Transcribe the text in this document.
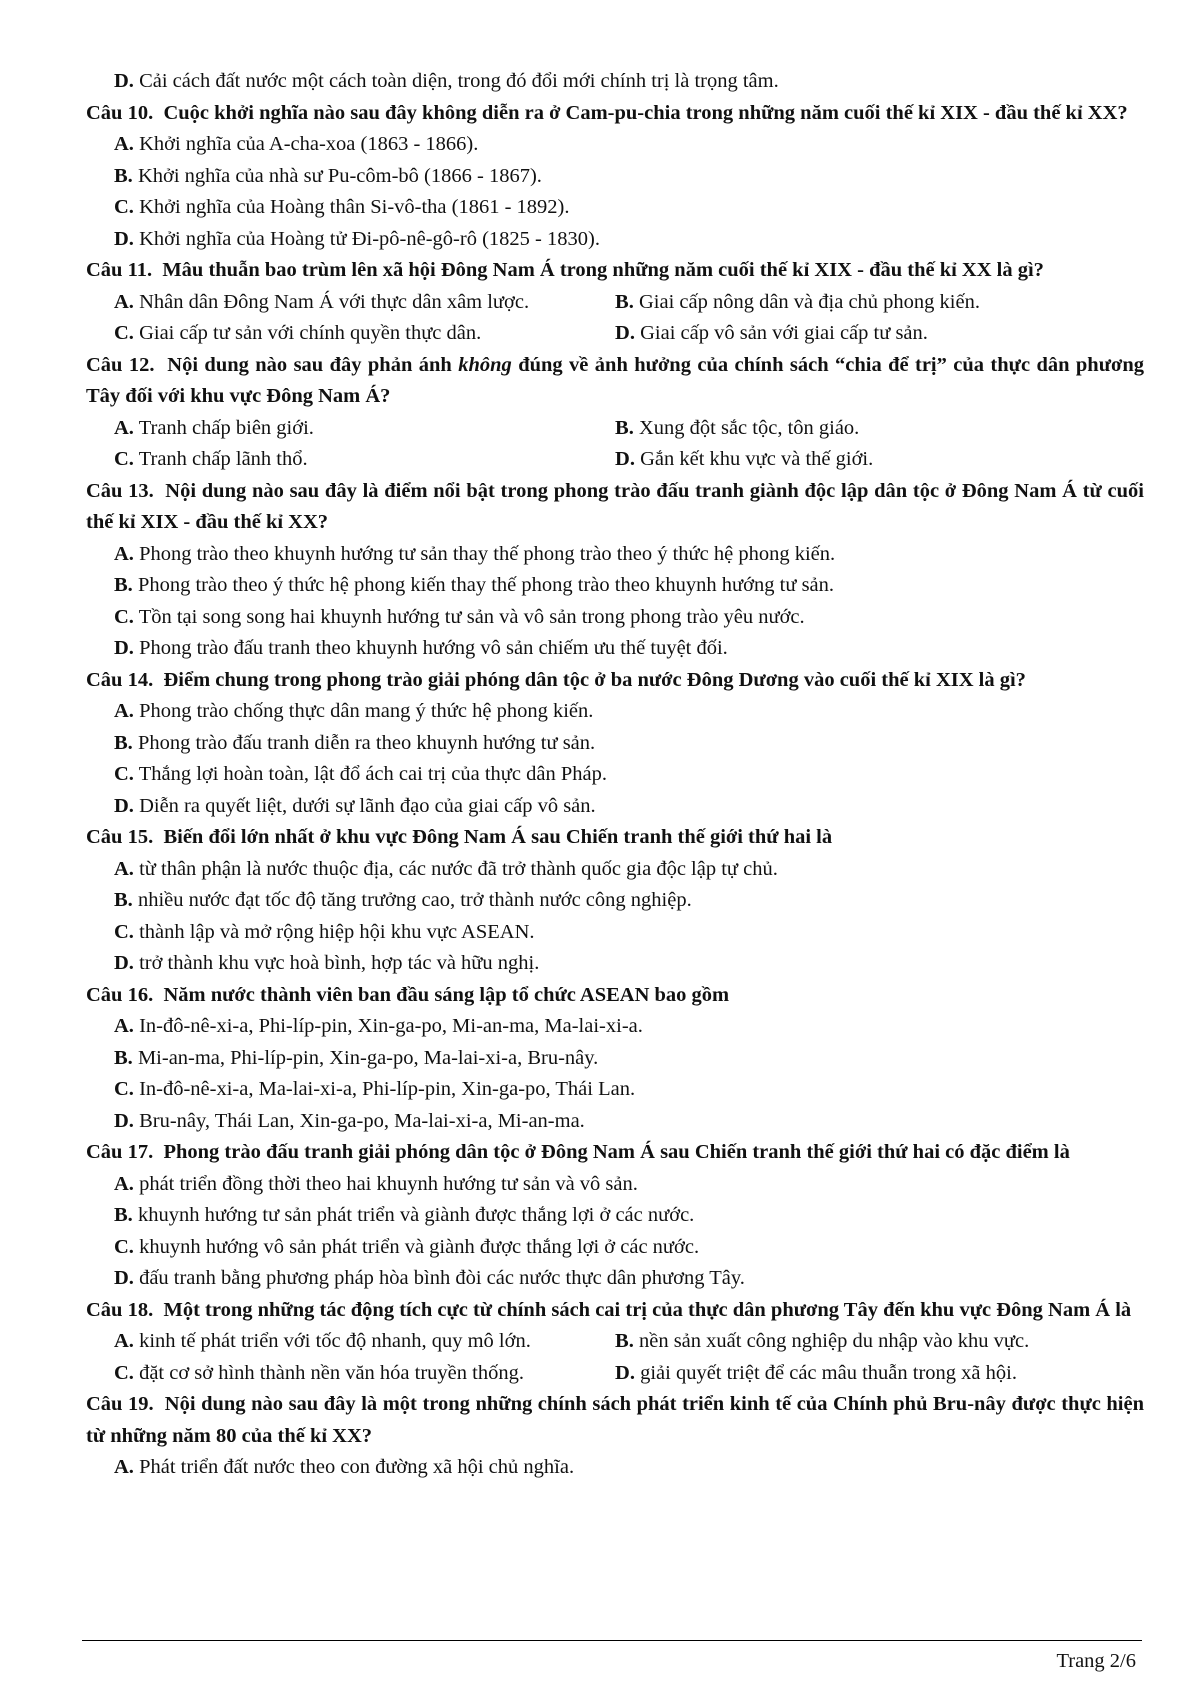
D. Cải cách đất nước một cách toàn diện, trong đó đổi mới chính trị là trọng tâm.
Câu 10. Cuộc khởi nghĩa nào sau đây không diễn ra ở Cam-pu-chia trong những năm cuối thế kỉ XIX - đầu thế kỉ XX?
A. Khởi nghĩa của A-cha-xoa (1863 - 1866).
B. Khởi nghĩa của nhà sư Pu-côm-bô (1866 - 1867).
C. Khởi nghĩa của Hoàng thân Si-vô-tha (1861 - 1892).
D. Khởi nghĩa của Hoàng tử Đi-pô-nê-gô-rô (1825 - 1830).
Câu 11. Mâu thuẫn bao trùm lên xã hội Đông Nam Á trong những năm cuối thế kỉ XIX - đầu thế kỉ XX là gì?
A. Nhân dân Đông Nam Á với thực dân xâm lược.	B. Giai cấp nông dân và địa chủ phong kiến.
C. Giai cấp tư sản với chính quyền thực dân.	D. Giai cấp vô sản với giai cấp tư sản.
Câu 12. Nội dung nào sau đây phản ánh không đúng về ảnh hưởng của chính sách “chia để trị” của thực dân phương Tây đối với khu vực Đông Nam Á?
A. Tranh chấp biên giới.	B. Xung đột sắc tộc, tôn giáo.
C. Tranh chấp lãnh thổ.	D. Gắn kết khu vực và thế giới.
Câu 13. Nội dung nào sau đây là điểm nổi bật trong phong trào đấu tranh giành độc lập dân tộc ở Đông Nam Á từ cuối thế kỉ XIX - đầu thế kỉ XX?
A. Phong trào theo khuynh hướng tư sản thay thế phong trào theo ý thức hệ phong kiến.
B. Phong trào theo ý thức hệ phong kiến thay thế phong trào theo khuynh hướng tư sản.
C. Tồn tại song song hai khuynh hướng tư sản và vô sản trong phong trào yêu nước.
D. Phong trào đấu tranh theo khuynh hướng vô sản chiếm ưu thế tuyệt đối.
Câu 14. Điểm chung trong phong trào giải phóng dân tộc ở ba nước Đông Dương vào cuối thế kỉ XIX là gì?
A. Phong trào chống thực dân mang ý thức hệ phong kiến.
B. Phong trào đấu tranh diễn ra theo khuynh hướng tư sản.
C. Thắng lợi hoàn toàn, lật đổ ách cai trị của thực dân Pháp.
D. Diễn ra quyết liệt, dưới sự lãnh đạo của giai cấp vô sản.
Câu 15. Biến đổi lớn nhất ở khu vực Đông Nam Á sau Chiến tranh thế giới thứ hai là
A. từ thân phận là nước thuộc địa, các nước đã trở thành quốc gia độc lập tự chủ.
B. nhiều nước đạt tốc độ tăng trưởng cao, trở thành nước công nghiệp.
C. thành lập và mở rộng hiệp hội khu vực ASEAN.
D. trở thành khu vực hoà bình, hợp tác và hữu nghị.
Câu 16. Năm nước thành viên ban đầu sáng lập tổ chức ASEAN bao gồm
A. In-đô-nê-xi-a, Phi-líp-pin, Xin-ga-po, Mi-an-ma, Ma-lai-xi-a.
B. Mi-an-ma, Phi-líp-pin, Xin-ga-po, Ma-lai-xi-a, Bru-nây.
C. In-đô-nê-xi-a, Ma-lai-xi-a, Phi-líp-pin, Xin-ga-po, Thái Lan.
D. Bru-nây, Thái Lan, Xin-ga-po, Ma-lai-xi-a, Mi-an-ma.
Câu 17. Phong trào đấu tranh giải phóng dân tộc ở Đông Nam Á sau Chiến tranh thế giới thứ hai có đặc điểm là
A. phát triển đồng thời theo hai khuynh hướng tư sản và vô sản.
B. khuynh hướng tư sản phát triển và giành được thắng lợi ở các nước.
C. khuynh hướng vô sản phát triển và giành được thắng lợi ở các nước.
D. đấu tranh bằng phương pháp hòa bình đòi các nước thực dân phương Tây.
Câu 18. Một trong những tác động tích cực từ chính sách cai trị của thực dân phương Tây đến khu vực Đông Nam Á là
A. kinh tế phát triển với tốc độ nhanh, quy mô lớn.	B. nền sản xuất công nghiệp du nhập vào khu vực.
C. đặt cơ sở hình thành nền văn hóa truyền thống.	D. giải quyết triệt để các mâu thuẫn trong xã hội.
Câu 19. Nội dung nào sau đây là một trong những chính sách phát triển kinh tế của Chính phủ Bru-nây được thực hiện từ những năm 80 của thế kỉ XX?
A. Phát triển đất nước theo con đường xã hội chủ nghĩa.
Trang 2/6
